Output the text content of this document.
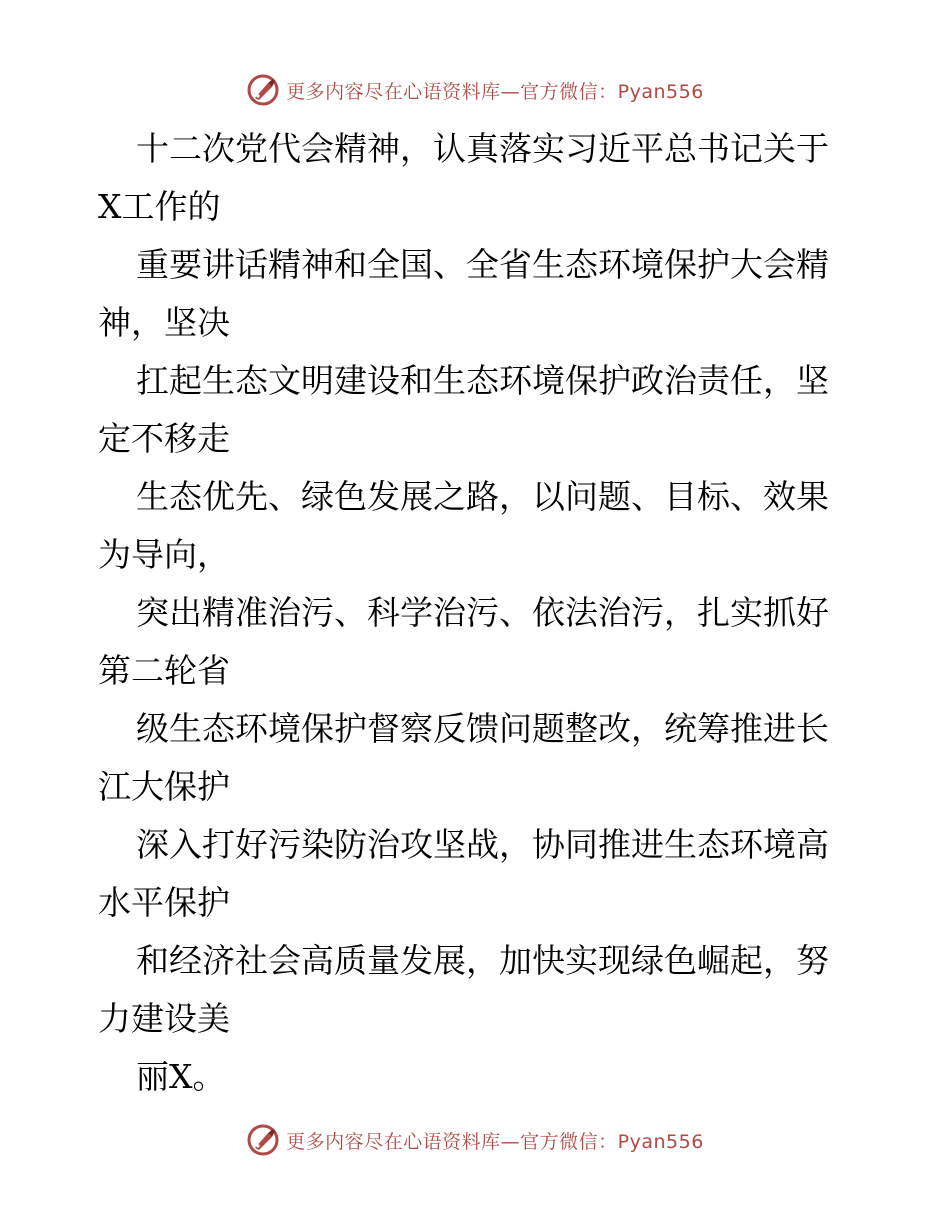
更多内容尽在心语资料库—官方微信：Pyan556

十二次党代会精神，认真落实习近平总书记关于
X工作的

重要讲话精神和全国、全省生态环境保护大会精
神，坚决

扛起生态文明建设和生态环境保护政治责任，坚
定不移走

生态优先、绿色发展之路，以问题、目标、效果
为导向，

突出精准治污、科学治污、依法治污，扎实抓好
第二轮省

级生态环境保护督察反馈问题整改，统筹推进长
江大保护

深入打好污染防治攻坚战，协同推进生态环境高
水平保护

和经济社会高质量发展，加快实现绿色崛起，努
力建设美

丽X。

更多内容尽在心语资料库—官方微信：Pyan556
